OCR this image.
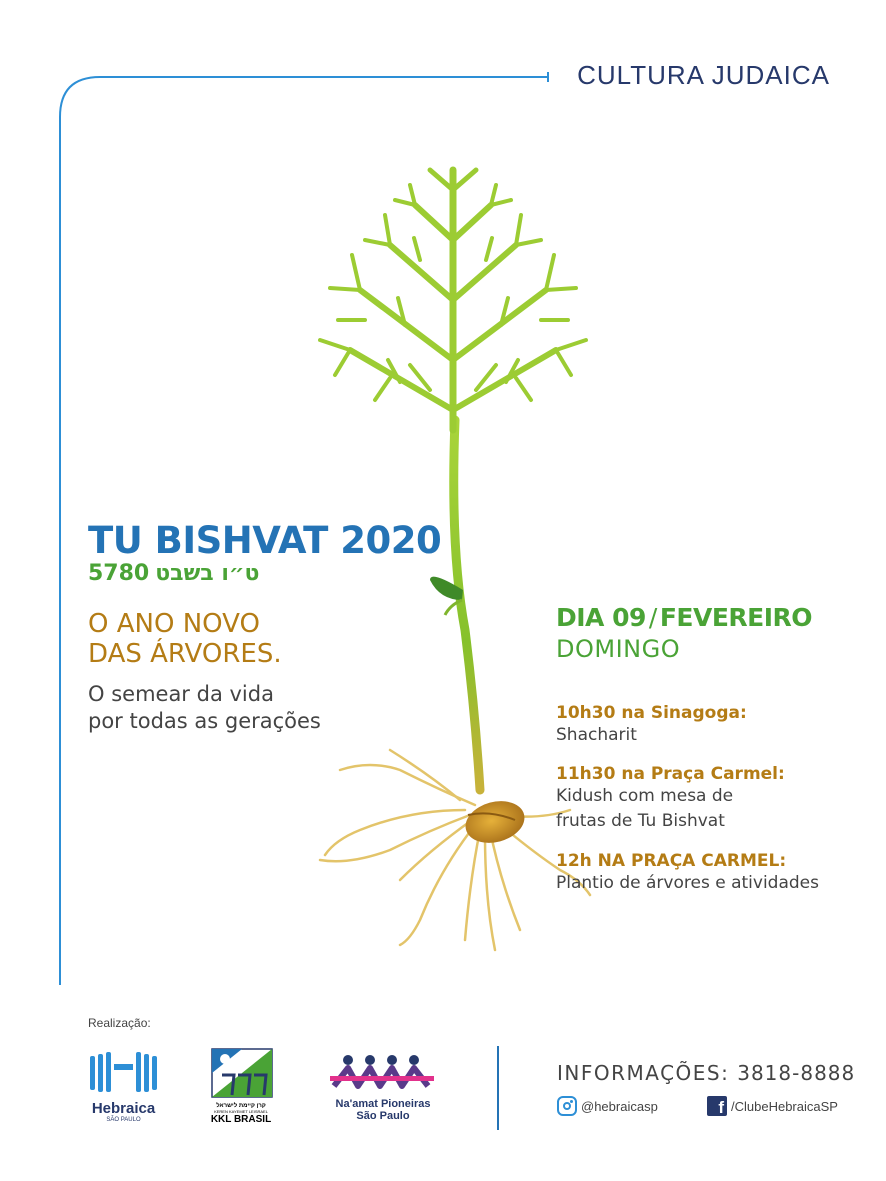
CULTURA JUDAICA
TU BISHVAT 2020
5780 ט״ו בשבט
O ANO NOVO
DAS ÁRVORES.
O semear da vida
por todas as gerações
DIA 09 / FEVEREIRO
DOMINGO
10h30 na Sinagoga:
Shacharit
11h30 na Praça Carmel:
Kidush com mesa de
frutas de Tu Bishvat
12h NA PRAÇA CARMEL:
Plantio de árvores e atividades
Realização:
Hebraica
SÃO PAULO
קרן קיימת לישראל
KEREN KAYEMET LEISRAEL
KKL BRASIL
Na'amat Pioneiras
São Paulo
INFORMAÇÕES: 3818-8888
@hebraicasp	f /ClubeHebraicaSP
